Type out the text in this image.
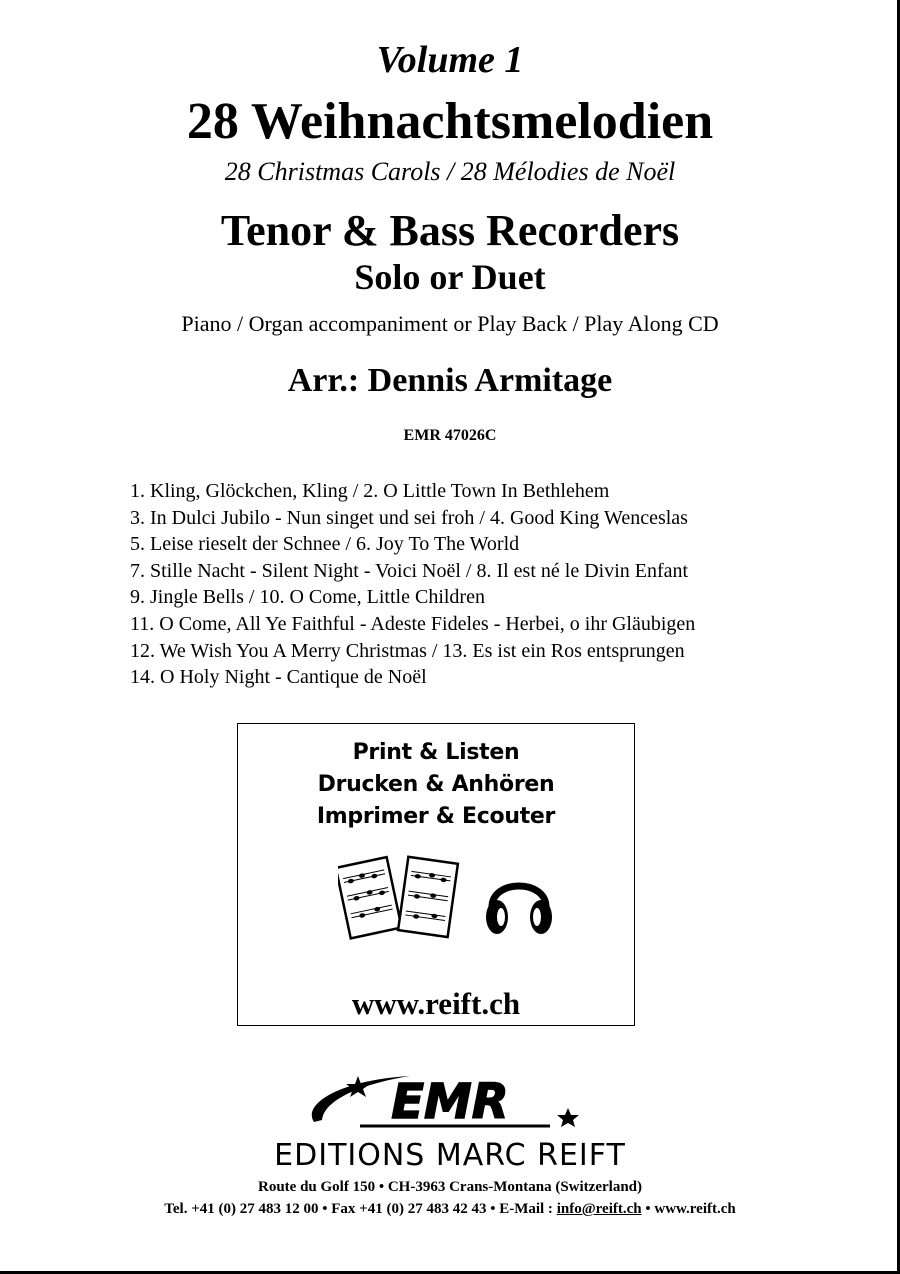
Volume 1
28 Weihnachtsmelodien
28 Christmas Carols / 28 Mélodies de Noël
Tenor & Bass Recorders
Solo or Duet
Piano / Organ accompaniment or Play Back / Play Along CD
Arr.: Dennis Armitage
EMR 47026C
1. Kling, Glöckchen, Kling / 2. O Little Town In Bethlehem
3. In Dulci Jubilo - Nun singet und sei froh / 4. Good King Wenceslas
5. Leise rieselt der Schnee / 6. Joy To The World
7. Stille Nacht - Silent Night - Voici Noël / 8. Il est né le Divin Enfant
9. Jingle Bells / 10. O Come, Little Children
11. O Come, All Ye Faithful - Adeste Fideles - Herbei, o ihr Gläubigen
12. We Wish You A Merry Christmas / 13. Es ist ein Ros entsprungen
14. O Holy Night - Cantique de Noël
Print & Listen
Drucken & Anhören
Imprimer & Ecouter
www.reift.ch
EMR
EDITIONS MARC REIFT
Route du Golf 150 • CH-3963 Crans-Montana (Switzerland)
Tel. +41 (0) 27 483 12 00 • Fax +41 (0) 27 483 42 43 • E-Mail : info@reift.ch • www.reift.ch
